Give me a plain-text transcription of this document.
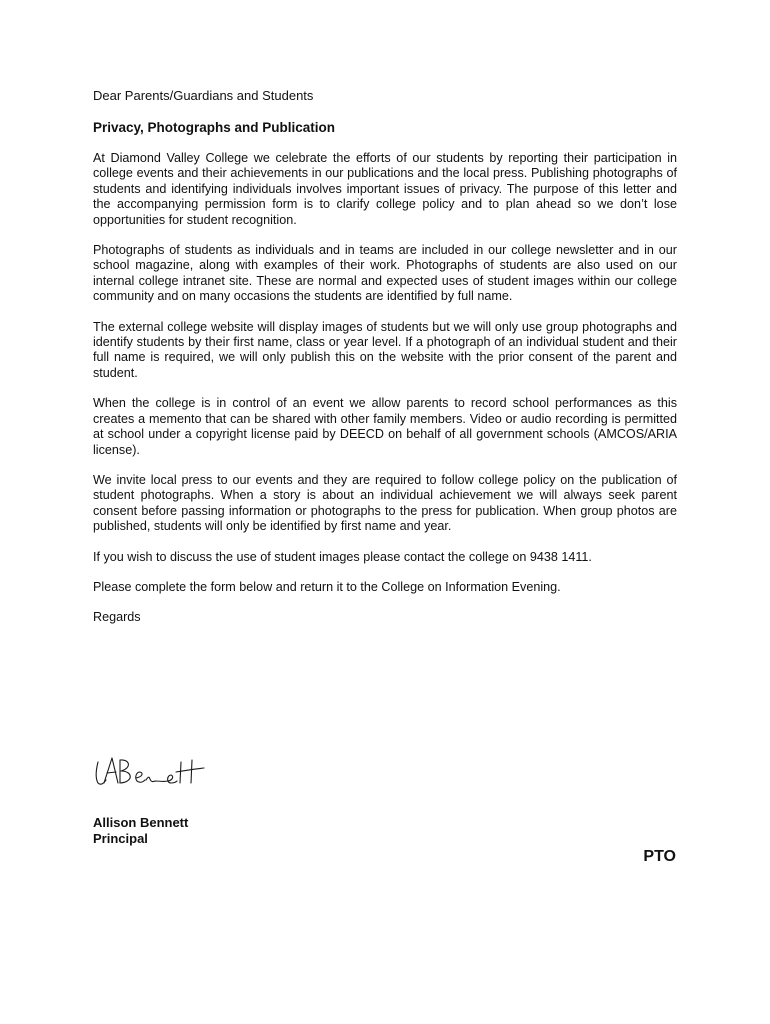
Dear Parents/Guardians and Students
Privacy, Photographs and Publication

At Diamond Valley College we celebrate the efforts of our students by reporting their participation in college events and their achievements in our publications and the local press. Publishing photographs of students and identifying individuals involves important issues of privacy. The purpose of this letter and the accompanying permission form is to clarify college policy and to plan ahead so we don’t lose opportunities for student recognition.

Photographs of students as individuals and in teams are included in our college newsletter and in our school magazine, along with examples of their work. Photographs of students are also used on our internal college intranet site. These are normal and expected uses of student images within our college community and on many occasions the students are identified by full name.

The external college website will display images of students but we will only use group photographs and identify students by their first name, class or year level. If a photograph of an individual student and their full name is required, we will only publish this on the website with the prior consent of the parent and student.

When the college is in control of an event we allow parents to record school performances as this creates a memento that can be shared with other family members. Video or audio recording is permitted at school under a copyright license paid by DEECD on behalf of all government schools (AMCOS/ARIA license).

We invite local press to our events and they are required to follow college policy on the publication of student photographs. When a story is about an individual achievement we will always seek parent consent before passing information or photographs to the press for publication. When group photos are published, students will only be identified by first name and year.

If you wish to discuss the use of student images please contact the college on 9438 1411.

Please complete the form below and return it to the College on Information Evening.

Regards

Allison Bennett
Principal
PTO
